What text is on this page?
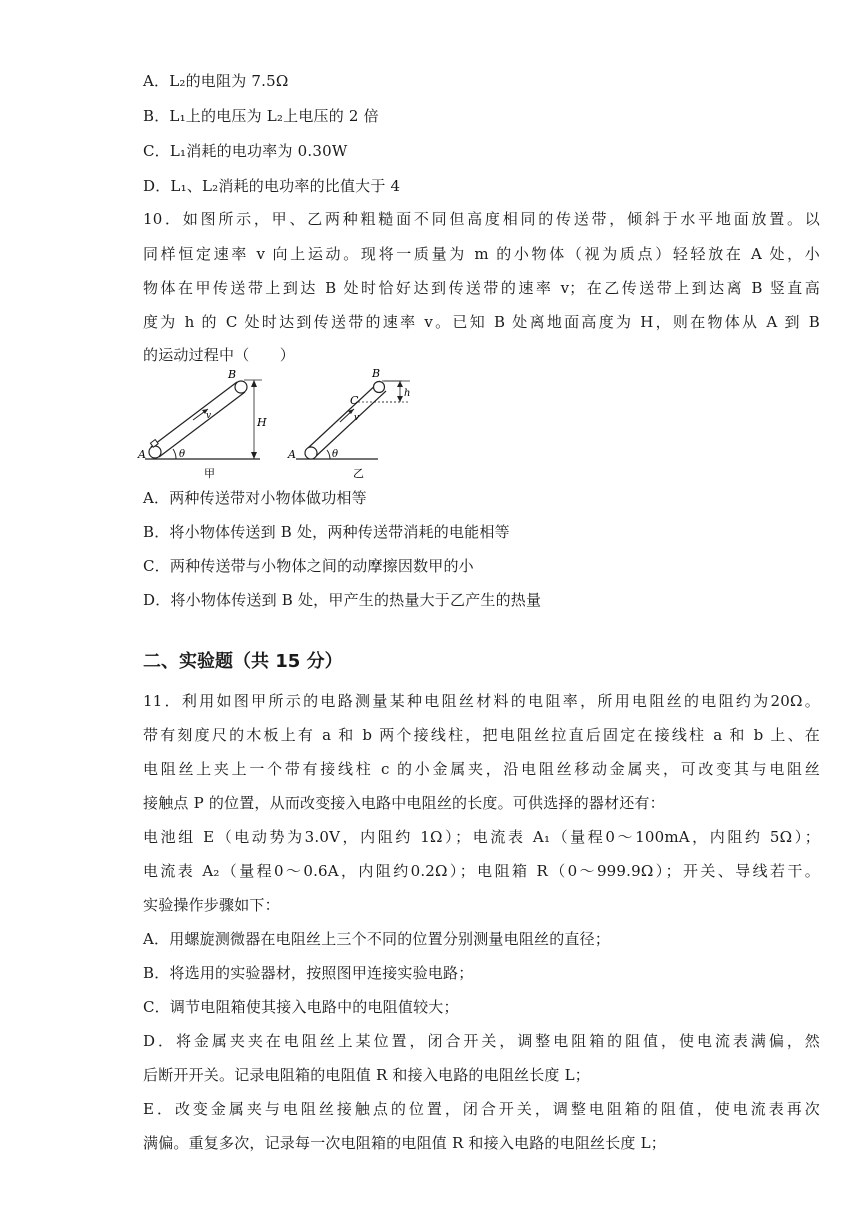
A．L₂的电阻为 7.5Ω
B．L₁上的电压为 L₂上电压的 2 倍
C．L₁消耗的电功率为 0.30W
D．L₁、L₂消耗的电功率的比值大于 4
10．如图所示，甲、乙两种粗糙面不同但高度相同的传送带，倾斜于水平地面放置。以
同样恒定速率 v 向上运动。现将一质量为 m 的小物体（视为质点）轻轻放在 A 处，小
物体在甲传送带上到达 B 处时恰好达到传送带的速率 v；在乙传送带上到达离 B 竖直高
度为 h 的 C 处时达到传送带的速率 v。已知 B 处离地面高度为 H，则在物体从 A 到 B
的运动过程中（　　）
A
B
H
v
θ
甲
A
B
C
v
θ
乙
h
A．两种传送带对小物体做功相等
B．将小物体传送到 B 处，两种传送带消耗的电能相等
C．两种传送带与小物体之间的动摩擦因数甲的小
D．将小物体传送到 B 处，甲产生的热量大于乙产生的热量
二、实验题（共 15 分）
11．利用如图甲所示的电路测量某种电阻丝材料的电阻率，所用电阻丝的电阻约为20Ω。
带有刻度尺的木板上有 a 和 b 两个接线柱，把电阻丝拉直后固定在接线柱 a 和 b 上、在
电阻丝上夹上一个带有接线柱 c 的小金属夹，沿电阻丝移动金属夹，可改变其与电阻丝
接触点 P 的位置，从而改变接入电路中电阻丝的长度。可供选择的器材还有：
电池组 E（电动势为3.0V，内阻约 1Ω）；电流表 A₁（量程0～100mA，内阻约 5Ω）；
电流表 A₂（量程0～0.6A，内阻约0.2Ω）；电阻箱 R（0～999.9Ω）；开关、导线若干。
实验操作步骤如下：
A．用螺旋测微器在电阻丝上三个不同的位置分别测量电阻丝的直径；
B．将选用的实验器材，按照图甲连接实验电路；
C．调节电阻箱使其接入电路中的电阻值较大；
D．将金属夹夹在电阻丝上某位置，闭合开关，调整电阻箱的阻值，使电流表满偏，然
后断开开关。记录电阻箱的电阻值 R 和接入电路的电阻丝长度 L；
E．改变金属夹与电阻丝接触点的位置，闭合开关，调整电阻箱的阻值，使电流表再次
满偏。重复多次，记录每一次电阻箱的电阻值 R 和接入电路的电阻丝长度 L；
